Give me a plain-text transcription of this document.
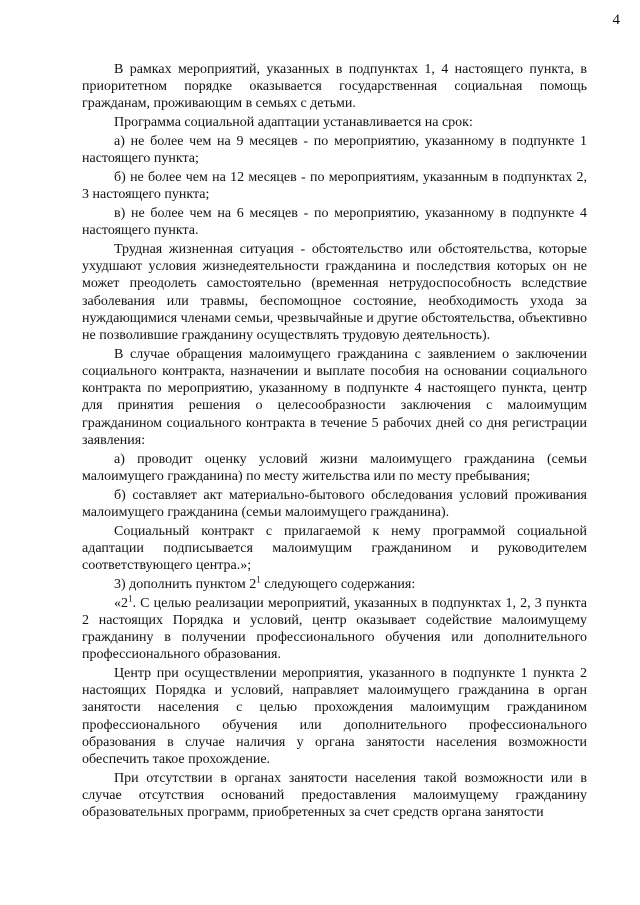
4

В рамках мероприятий, указанных в подпунктах 1, 4 настоящего пункта, в приоритетном порядке оказывается государственная социальная помощь гражданам, проживающим в семьях с детьми.

Программа социальной адаптации устанавливается на срок:

а) не более чем на 9 месяцев - по мероприятию, указанному в подпункте 1 настоящего пункта;

б) не более чем на 12 месяцев - по мероприятиям, указанным в подпунктах 2, 3 настоящего пункта;

в) не более чем на 6 месяцев - по мероприятию, указанному в подпункте 4 настоящего пункта.

Трудная жизненная ситуация - обстоятельство или обстоятельства, которые ухудшают условия жизнедеятельности гражданина и последствия которых он не может преодолеть самостоятельно (временная нетрудоспособность вследствие заболевания или травмы, беспомощное состояние, необходимость ухода за нуждающимися членами семьи, чрезвычайные и другие обстоятельства, объективно не позволившие гражданину осуществлять трудовую деятельность).

В случае обращения малоимущего гражданина с заявлением о заключении социального контракта, назначении и выплате пособия на основании социального контракта по мероприятию, указанному в подпункте 4 настоящего пункта, центр для принятия решения о целесообразности заключения с малоимущим гражданином социального контракта в течение 5 рабочих дней со дня регистрации заявления:

а) проводит оценку условий жизни малоимущего гражданина (семьи малоимущего гражданина) по месту жительства или по месту пребывания;

б) составляет акт материально-бытового обследования условий проживания малоимущего гражданина (семьи малоимущего гражданина).

Социальный контракт с прилагаемой к нему программой социальной адаптации подписывается малоимущим гражданином и руководителем соответствующего центра.»;

3) дополнить пунктом $2^1$ следующего содержания:

«$2^1$. С целью реализации мероприятий, указанных в подпунктах 1, 2, 3 пункта 2 настоящих Порядка и условий, центр оказывает содействие малоимущему гражданину в получении профессионального обучения или дополнительного профессионального образования.

Центр при осуществлении мероприятия, указанного в подпункте 1 пункта 2 настоящих Порядка и условий, направляет малоимущего гражданина в орган занятости населения с целью прохождения малоимущим гражданином профессионального обучения или дополнительного профессионального образования в случае наличия у органа занятости населения возможности обеспечить такое прохождение.

При отсутствии в органах занятости населения такой возможности или в случае отсутствия оснований предоставления малоимущему гражданину образовательных программ, приобретенных за счет средств органа занятости
